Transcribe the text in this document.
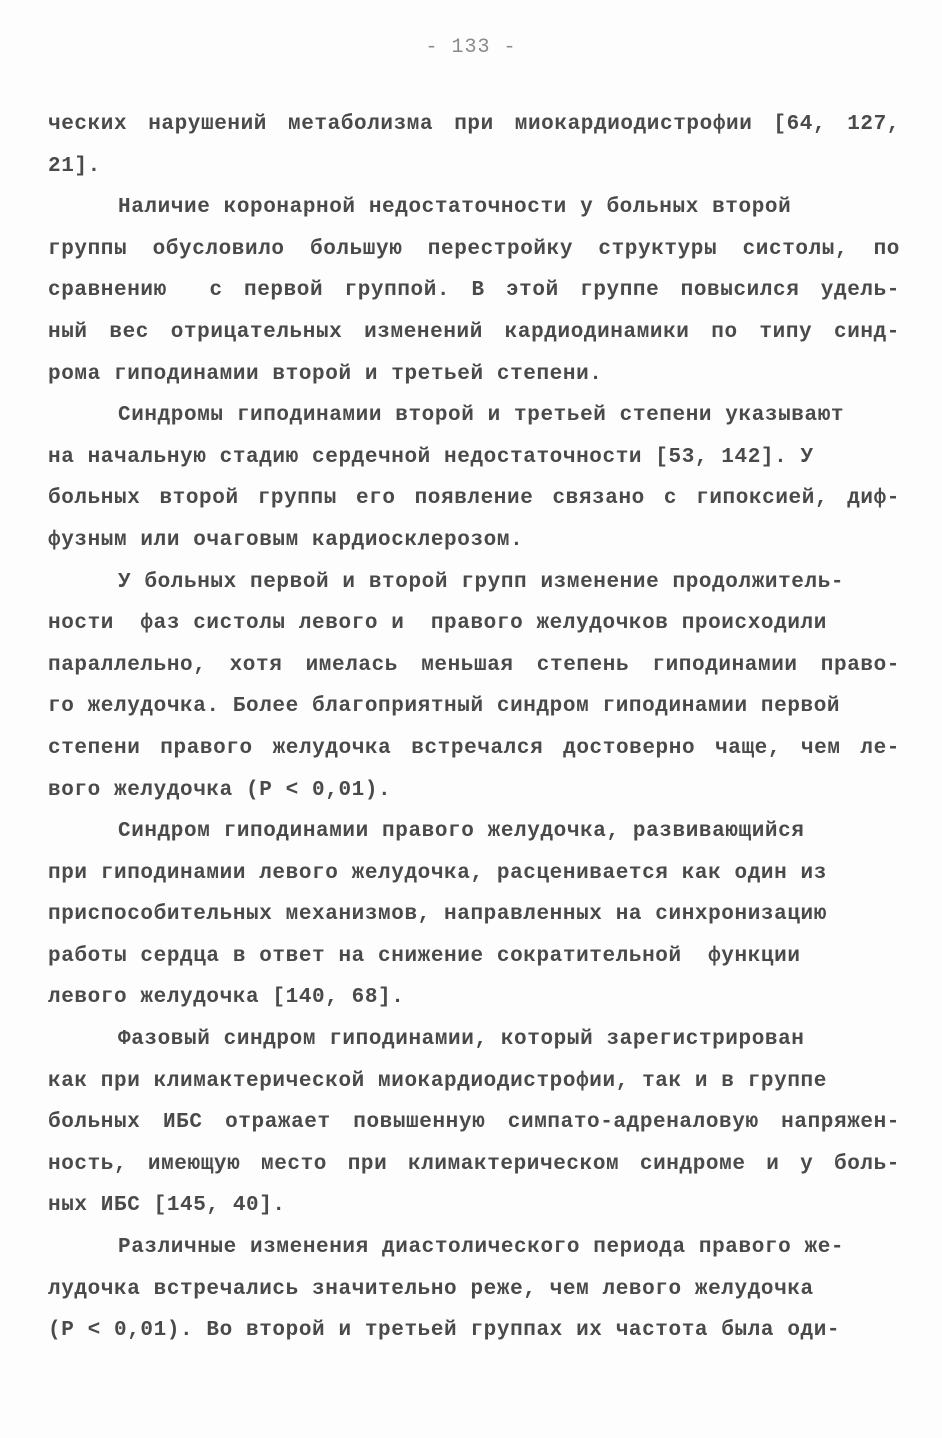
- 133 -
ческих нарушений метаболизма при миокардиодистрофии [64, 127,
21].
Наличие коронарной недостаточности у больных второй
группы обусловило большую перестройку структуры систолы, по
сравнению  с первой группой. В этой группе повысился удель-
ный вес отрицательных изменений кардиодинамики по типу синд-
рома гиподинамии второй и третьей степени.
Синдромы гиподинамии второй и третьей степени указывают
на начальную стадию сердечной недостаточности [53, 142]. У
больных второй группы его появление связано с гипоксией, диф-
фузным или очаговым кардиосклерозом.
У больных первой и второй групп изменение продолжитель-
ности  фаз систолы левого и  правого желудочков происходили
параллельно, хотя имелась меньшая степень гиподинамии право-
го желудочка. Более благоприятный синдром гиподинамии первой
степени правого желудочка встречался достоверно чаще, чем ле-
вого желудочка (P < 0,01).
Синдром гиподинамии правого желудочка, развивающийся
при гиподинамии левого желудочка, расценивается как один из
приспособительных механизмов, направленных на синхронизацию
работы сердца в ответ на снижение сократительной  функции
левого желудочка [140, 68].
Фазовый синдром гиподинамии, который зарегистрирован
как при климактерической миокардиодистрофии, так и в группе
больных ИБС отражает повышенную симпато-адреналовую напряжен-
ность, имеющую место при климактерическом синдроме и у боль-
ных ИБС [145, 40].
Различные изменения диастолического периода правого же-
лудочка встречались значительно реже, чем левого желудочка
(P < 0,01). Во второй и третьей группах их частота была оди-
